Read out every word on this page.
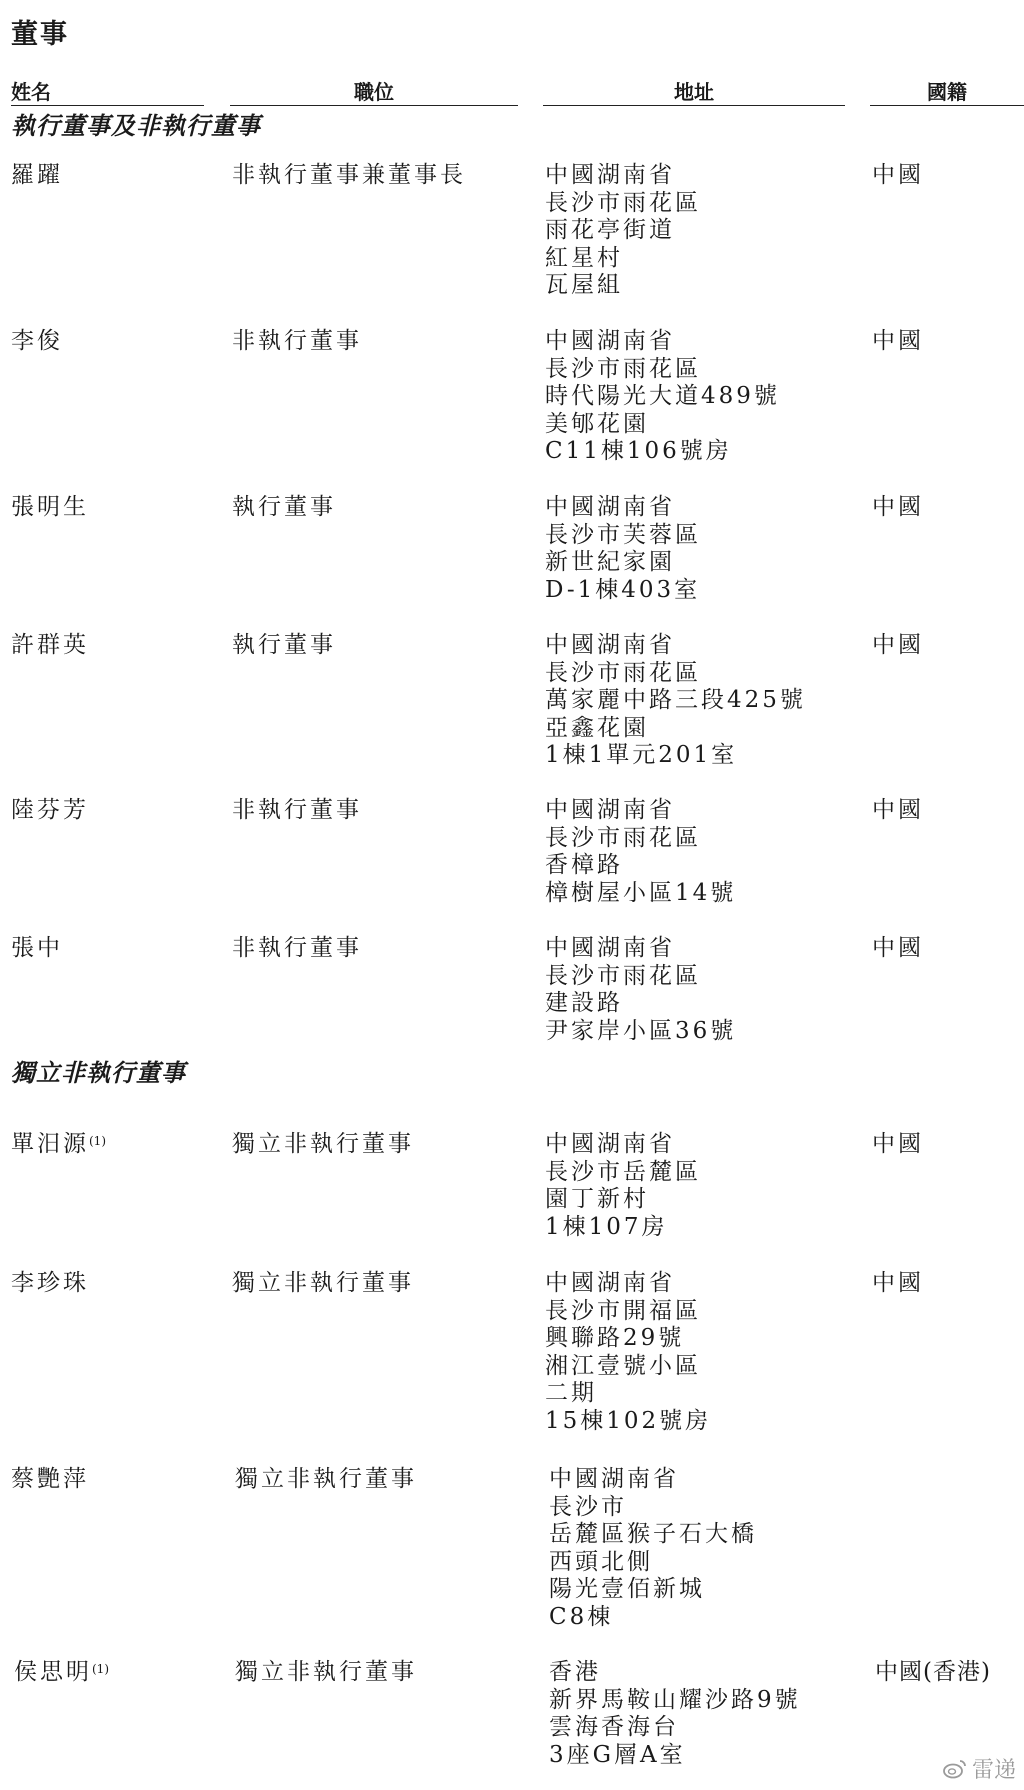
董事
姓名	職位	地址	國籍
執行董事及非執行董事
獨立非執行董事
羅躍	非執行董事兼董事長	中國湖南省
長沙市雨花區
雨花亭街道
紅星村
瓦屋組
中國
李俊	非執行董事	中國湖南省
長沙市雨花區
時代陽光大道489號
美郇花園
C11棟106號房
中國
張明生	執行董事	中國湖南省
長沙市芙蓉區
新世紀家園
D-1棟403室
中國
許群英	執行董事	中國湖南省
長沙市雨花區
萬家麗中路三段425號
亞鑫花園
1棟1單元201室
中國
陸芬芳	非執行董事	中國湖南省
長沙市雨花區
香樟路
樟樹屋小區14號
中國
張中	非執行董事	中國湖南省
長沙市雨花區
建設路
尹家岸小區36號
中國
單汨源$^{(1)}$	獨立非執行董事	中國湖南省
長沙市岳麓區
園丁新村
1棟107房
中國
李珍珠	獨立非執行董事	中國湖南省
長沙市開福區
興聯路29號
湘江壹號小區
二期
15棟102號房
中國
蔡艷萍	獨立非執行董事	中國湖南省
長沙市
岳麓區猴子石大橋
西頭北側
陽光壹佰新城
C8棟
侯思明$^{(1)}$	獨立非執行董事	香港
新界馬鞍山耀沙路9號
雲海香海台
3座G層A室
中國(香港)
雷递
